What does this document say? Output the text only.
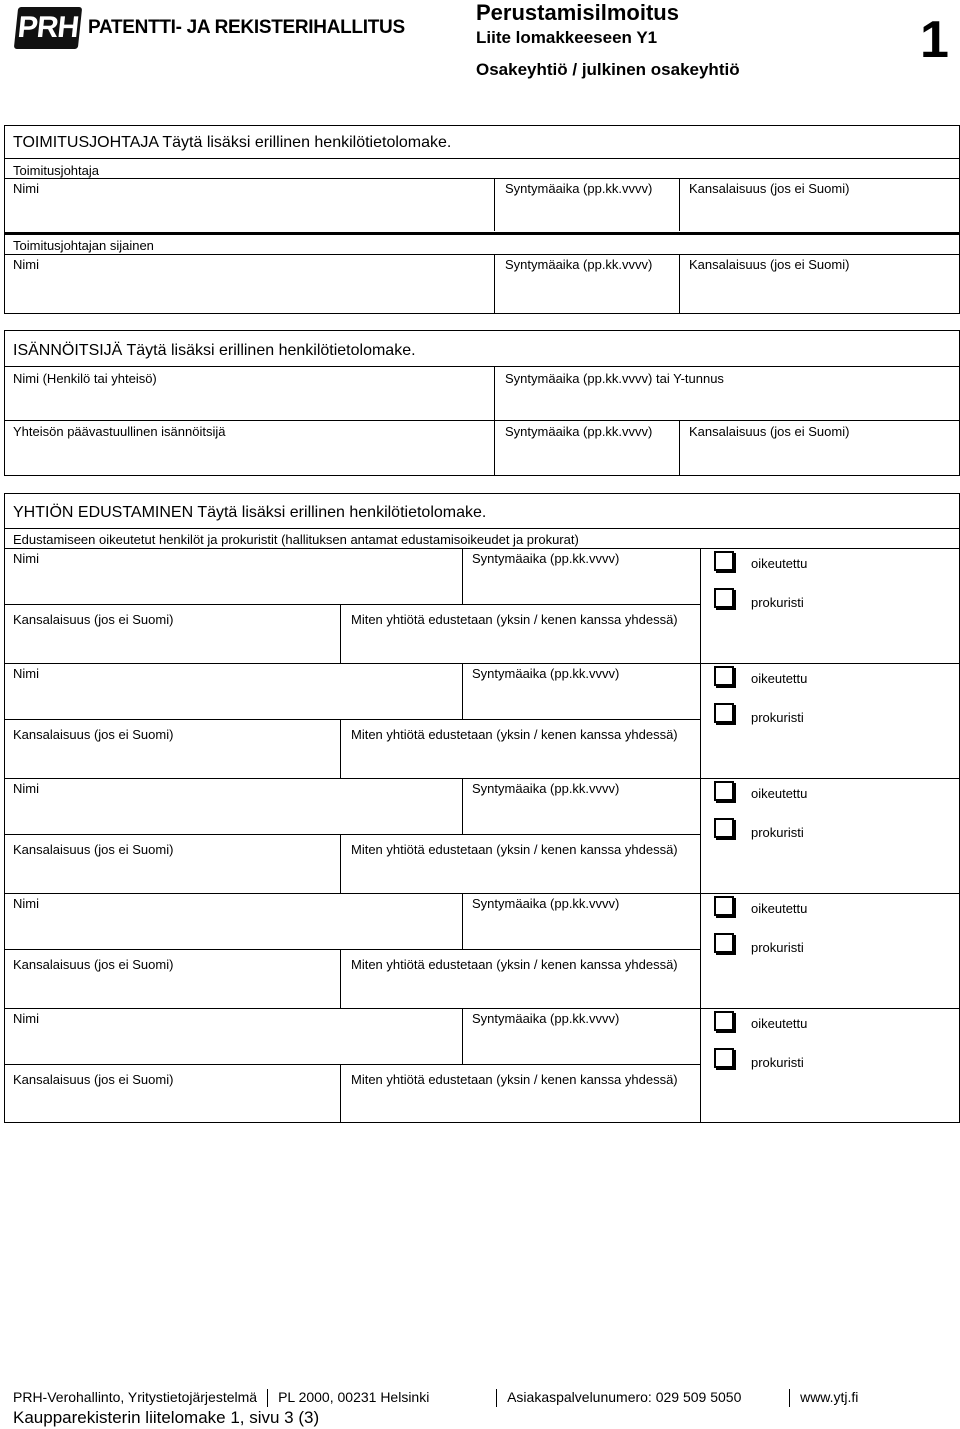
PRH PATENTTI- JA REKISTERIHALLITUS
Perustamisilmoitus
Liite lomakkeeseen Y1
Osakeyhtiö / julkinen osakeyhtiö
1
TOIMITUSJOHTAJA Täytä lisäksi erillinen henkilötietolomake.
Toimitusjohtaja
Nimi	Syntymäaika (pp.kk.vvvv)	Kansalaisuus (jos ei Suomi)
Toimitusjohtajan sijainen
Nimi	Syntymäaika (pp.kk.vvvv)	Kansalaisuus (jos ei Suomi)
ISÄNNÖITSIJÄ Täytä lisäksi erillinen henkilötietolomake.
Nimi (Henkilö tai yhteisö)	Syntymäaika (pp.kk.vvvv) tai Y-tunnus
Yhteisön päävastuullinen isännöitsijä	Syntymäaika (pp.kk.vvvv)	Kansalaisuus (jos ei Suomi)
YHTIÖN EDUSTAMINEN Täytä lisäksi erillinen henkilötietolomake.
Edustamiseen oikeutetut henkilöt ja prokuristit (hallituksen antamat edustamisoikeudet ja prokurat)
Nimi	Syntymäaika (pp.kk.vvvv)	oikeutettu
prokuristi
Kansalaisuus (jos ei Suomi)	Miten yhtiötä edustetaan (yksin / kenen kanssa yhdessä)
Nimi	Syntymäaika (pp.kk.vvvv)	oikeutettu
prokuristi
Kansalaisuus (jos ei Suomi)	Miten yhtiötä edustetaan (yksin / kenen kanssa yhdessä)
Nimi	Syntymäaika (pp.kk.vvvv)	oikeutettu
prokuristi
Kansalaisuus (jos ei Suomi)	Miten yhtiötä edustetaan (yksin / kenen kanssa yhdessä)
Nimi	Syntymäaika (pp.kk.vvvv)	oikeutettu
prokuristi
Kansalaisuus (jos ei Suomi)	Miten yhtiötä edustetaan (yksin / kenen kanssa yhdessä)
Nimi	Syntymäaika (pp.kk.vvvv)	oikeutettu
prokuristi
Kansalaisuus (jos ei Suomi)	Miten yhtiötä edustetaan (yksin / kenen kanssa yhdessä)
PRH-Verohallinto, Yritystietojärjestelmä PL 2000, 00231 Helsinki	Asiakaspalvelunumero: 029 509 5050	www.ytj.fi
Kaupparekisterin liitelomake 1, sivu 3 (3)
